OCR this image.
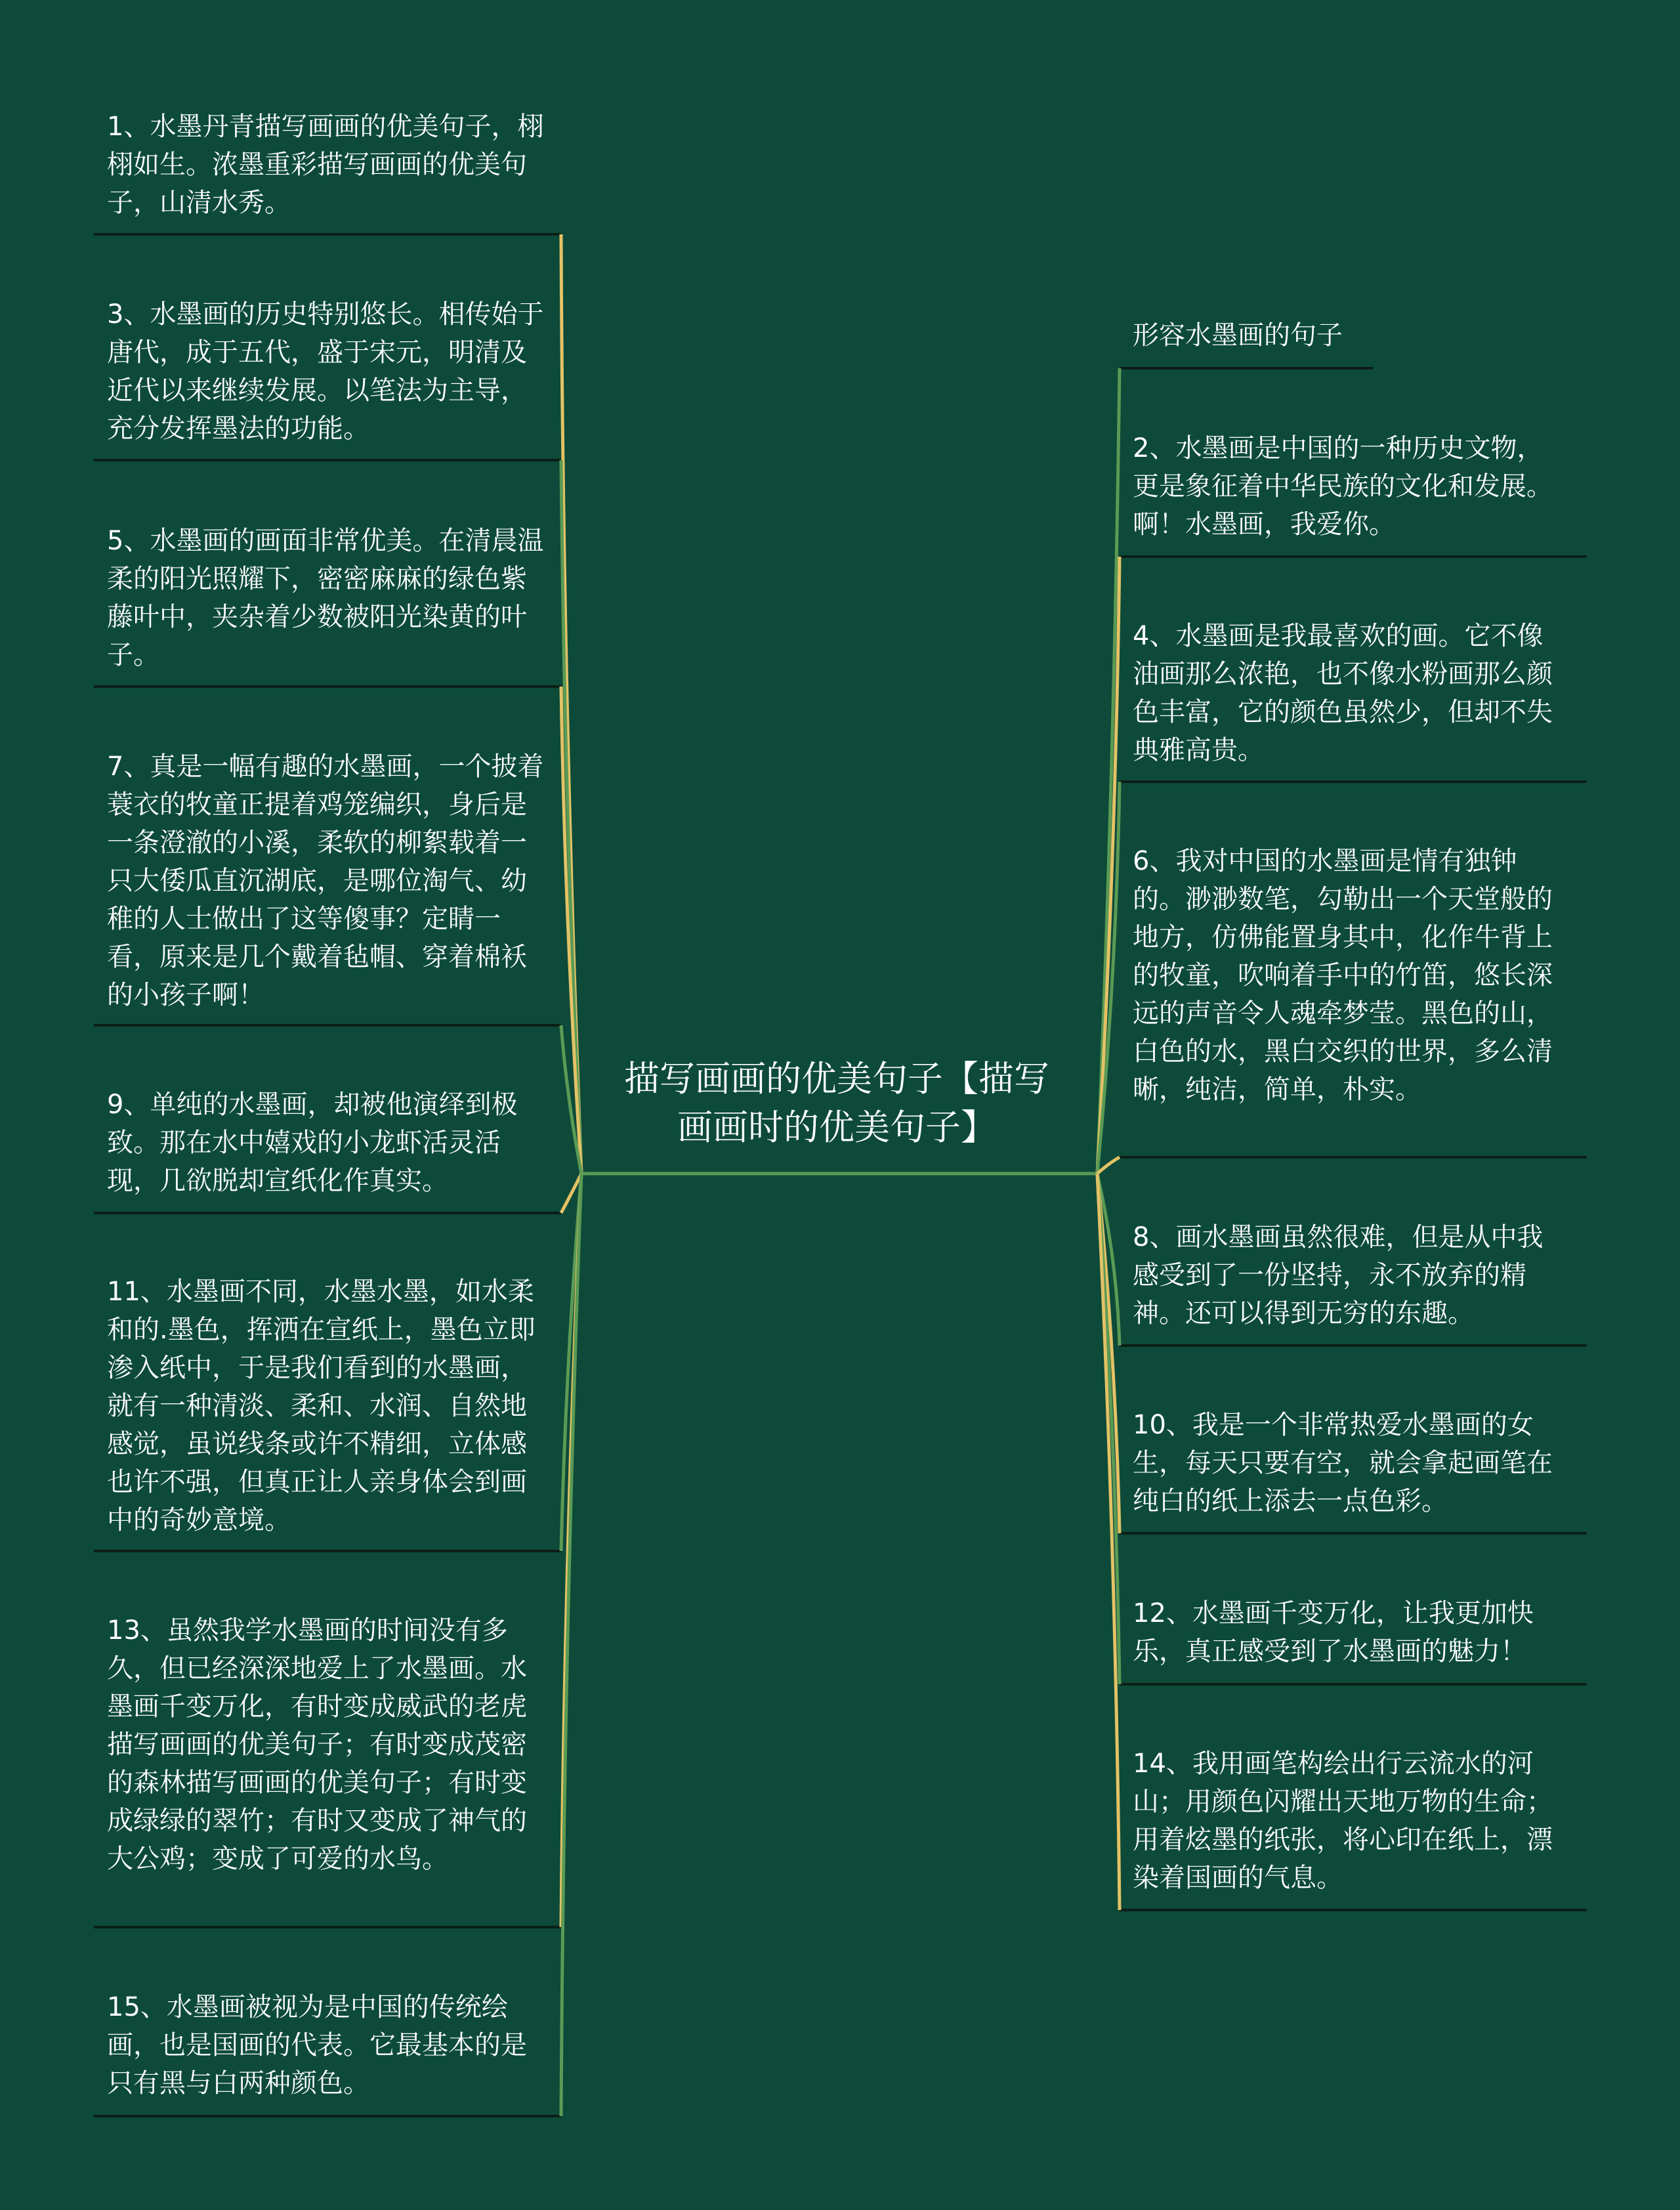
描写画画的优美句子【描写画画时的优美句子】
形容水墨画的句子
1、水墨丹青描写画画的优美句子，栩栩如生。浓墨重彩描写画画的优美句子，山清水秀。
3、水墨画的历史特别悠长。相传始于唐代，成于五代，盛于宋元，明清及近代以来继续发展。以笔法为主导，充分发挥墨法的功能。
5、水墨画的画面非常优美。在清晨温柔的阳光照耀下，密密麻麻的绿色紫藤叶中，夹杂着少数被阳光染黄的叶子。
7、真是一幅有趣的水墨画，一个披着蓑衣的牧童正提着鸡笼编织，身后是一条澄澈的小溪，柔软的柳絮载着一只大倭瓜直沉湖底，是哪位淘气、幼稚的人士做出了这等傻事？定睛一看，原来是几个戴着毡帽、穿着棉袄的小孩子啊！
9、单纯的水墨画，却被他演绎到极致。那在水中嬉戏的小龙虾活灵活现，几欲脱却宣纸化作真实。
11、水墨画不同，水墨水墨，如水柔和的.墨色，挥洒在宣纸上，墨色立即渗入纸中，于是我们看到的水墨画，就有一种清淡、柔和、水润、自然地感觉，虽说线条或许不精细，立体感也许不强，但真正让人亲身体会到画中的奇妙意境。
13、虽然我学水墨画的时间没有多久，但已经深深地爱上了水墨画。水墨画千变万化，有时变成威武的老虎描写画画的优美句子；有时变成茂密的森林描写画画的优美句子；有时变成绿绿的翠竹；有时又变成了神气的大公鸡；变成了可爱的水鸟。
15、水墨画被视为是中国的传统绘画，也是国画的代表。它最基本的是只有黑与白两种颜色。
2、水墨画是中国的一种历史文物，更是象征着中华民族的文化和发展。啊！水墨画，我爱你。
4、水墨画是我最喜欢的画。它不像油画那么浓艳，也不像水粉画那么颜色丰富，它的颜色虽然少，但却不失典雅高贵。
6、我对中国的水墨画是情有独钟的。渺渺数笔，勾勒出一个天堂般的地方，仿佛能置身其中，化作牛背上的牧童，吹响着手中的竹笛，悠长深远的声音令人魂牵梦莹。黑色的山，白色的水，黑白交织的世界，多么清晰，纯洁，简单，朴实。
8、画水墨画虽然很难，但是从中我感受到了一份坚持，永不放弃的精神。还可以得到无穷的东趣。
10、我是一个非常热爱水墨画的女生，每天只要有空，就会拿起画笔在纯白的纸上添去一点色彩。
12、水墨画千变万化，让我更加快乐，真正感受到了水墨画的魅力！
14、我用画笔构绘出行云流水的河山；用颜色闪耀出天地万物的生命；用着炫墨的纸张，将心印在纸上，漂染着国画的气息。
